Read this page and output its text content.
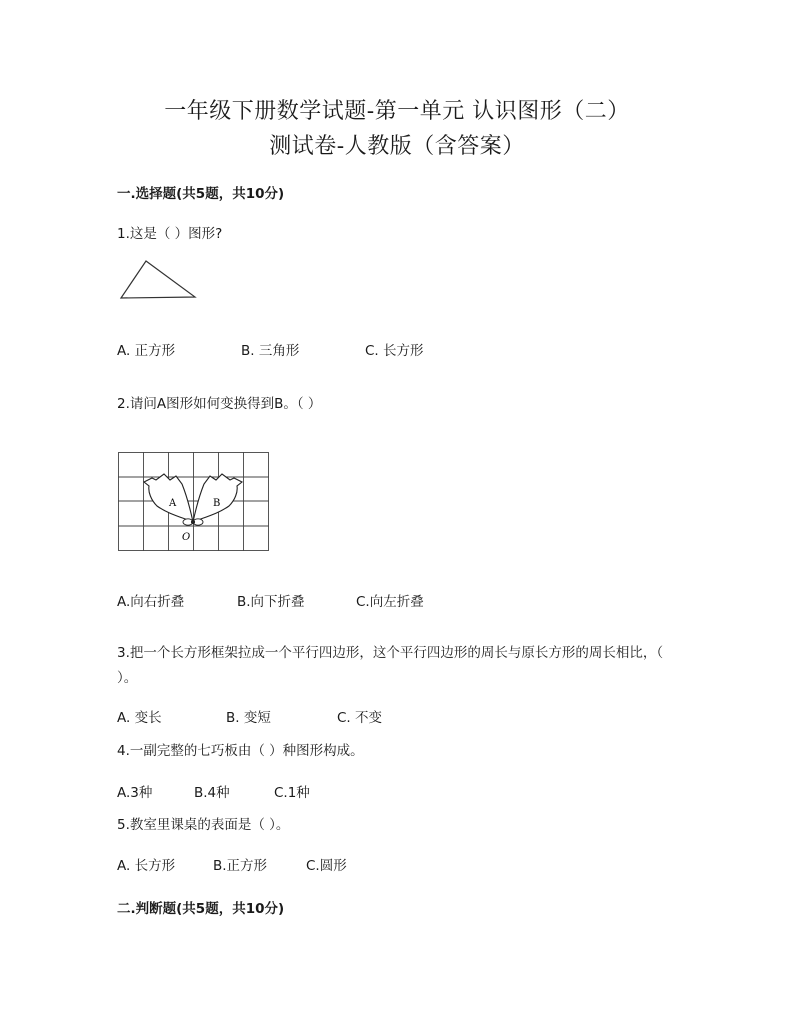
一年级下册数学试题-第一单元 认识图形（二）
测试卷-人教版（含答案）
一.选择题(共5题，共10分)
1.这是（ ）图形?
A. 正方形	B. 三角形	C. 长方形
2.请问A图形如何变换得到B。（ ）
A	B
O
A.向右折叠	B.向下折叠	C.向左折叠
3.把一个长方形框架拉成一个平行四边形，这个平行四边形的周长与原长方形的周长相比，（ ）。
A. 变长	B. 变短	C. 不变
4.一副完整的七巧板由（ ）种图形构成。
A.3种	B.4种	C.1种
5.教室里课桌的表面是（ ）。
A. 长方形	B.正方形	C.圆形
二.判断题(共5题，共10分)
